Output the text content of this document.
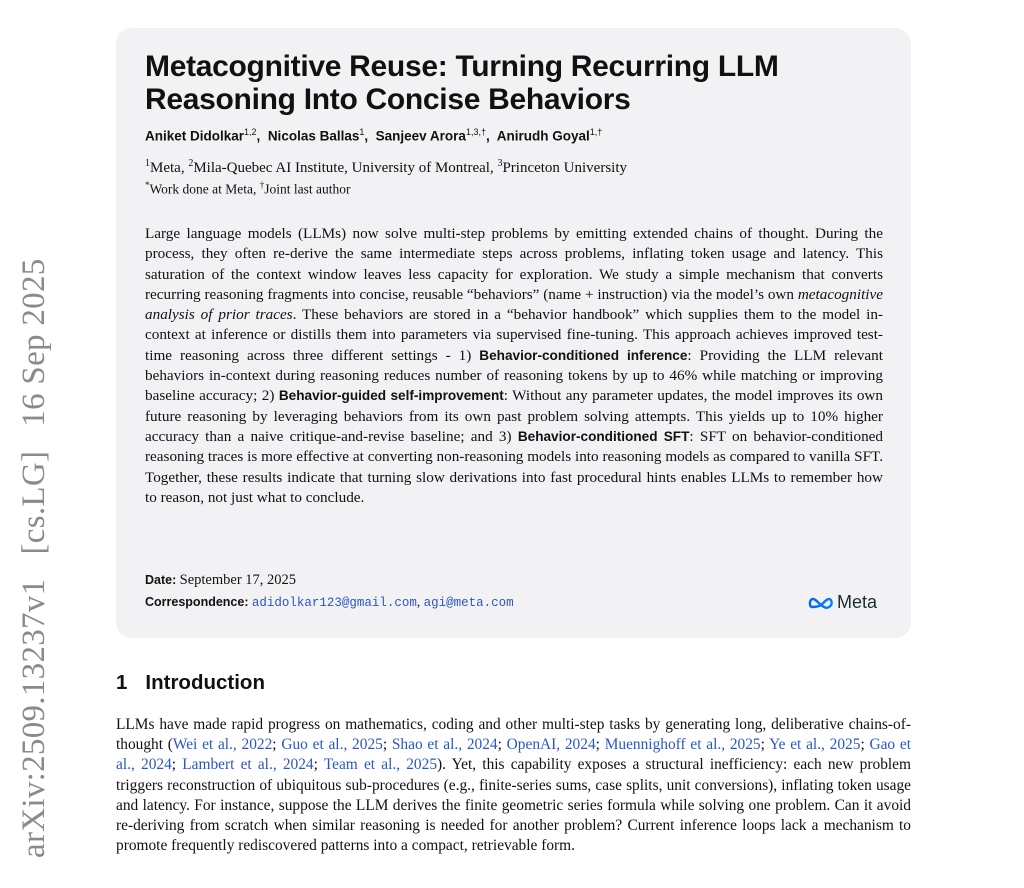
arXiv:2509.13237v1[cs.LG]16 Sep 2025
Metacognitive Reuse: Turning Recurring LLM Reasoning Into Concise Behaviors
Aniket Didolkar$^{1,2}$,  Nicolas Ballas$^1$,  Sanjeev Arora$^{1,3,\dagger}$,  Anirudh Goyal$^{1,\dagger}$
$^1$Meta, $^2$Mila-Quebec AI Institute, University of Montreal, $^3$Princeton University
*Work done at Meta, †Joint last author

Large language models (LLMs) now solve multi-step problems by emitting extended chains of thought. During the process, they often re-derive the same intermediate steps across problems, inflating token usage and latency. This saturation of the context window leaves less capacity for exploration. We study a simple mechanism that converts recurring reasoning fragments into concise, reusable “behaviors” (name + instruction) via the model’s own metacognitive analysis of prior traces. These behaviors are stored in a “behavior handbook” which supplies them to the model in-context at inference or distills them into parameters via supervised fine-tuning. This approach achieves improved test-time reasoning across three different settings - 1) Behavior-conditioned inference: Providing the LLM relevant behaviors in-context during reasoning reduces number of reasoning tokens by up to 46% while matching or improving baseline accuracy; 2) Behavior-guided self-improvement: Without any parameter updates, the model improves its own future reasoning by leveraging behaviors from its own past problem solving attempts. This yields up to 10% higher accuracy than a naive critique-and-revise baseline; and 3) Behavior-conditioned SFT: SFT on behavior-conditioned reasoning traces is more effective at converting non-reasoning models into reasoning models as compared to vanilla SFT. Together, these results indicate that turning slow derivations into fast procedural hints enables LLMs to remember how to reason, not just what to conclude.

Date: September 17, 2025
Correspondence: adidolkar123@gmail.com, agi@meta.com	Meta
1 Introduction

LLMs have made rapid progress on mathematics, coding and other multi-step tasks by generating long, deliberative chains-of-thought (Wei et al., 2022; Guo et al., 2025; Shao et al., 2024; OpenAI, 2024; Muennighoff et al., 2025; Ye et al., 2025; Gao et al., 2024; Lambert et al., 2024; Team et al., 2025). Yet, this capability exposes a structural inefficiency: each new problem triggers reconstruction of ubiquitous sub-procedures (e.g., finite-series sums, case splits, unit conversions), inflating token usage and latency. For instance, suppose the LLM derives the finite geometric series formula while solving one problem. Can it avoid re-deriving from scratch when similar reasoning is needed for another problem? Current inference loops lack a mechanism to promote frequently rediscovered patterns into a compact, retrievable form.
